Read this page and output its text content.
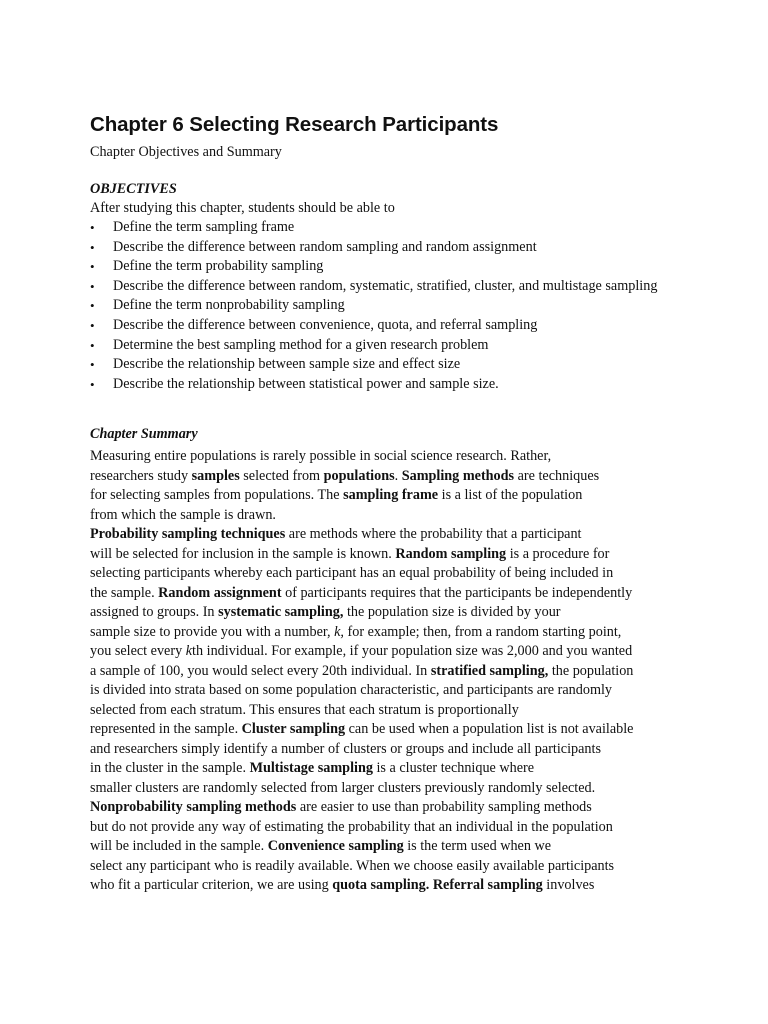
Chapter 6 Selecting Research Participants

Chapter Objectives and Summary

OBJECTIVES

After studying this chapter, students should be able to

• Define the term sampling frame
• Describe the difference between random sampling and random assignment
• Define the term probability sampling
• Describe the difference between random, systematic, stratified, cluster, and multistage sampling
• Define the term nonprobability sampling
• Describe the difference between convenience, quota, and referral sampling
• Determine the best sampling method for a given research problem
• Describe the relationship between sample size and effect size
• Describe the relationship between statistical power and sample size.

Chapter Summary

Measuring entire populations is rarely possible in social science research. Rather,
researchers study samples selected from populations. Sampling methods are techniques
for selecting samples from populations. The sampling frame is a list of the population
from which the sample is drawn.
Probability sampling techniques are methods where the probability that a participant
will be selected for inclusion in the sample is known. Random sampling is a procedure for
selecting participants whereby each participant has an equal probability of being included in
the sample. Random assignment of participants requires that the participants be independently
assigned to groups. In systematic sampling, the population size is divided by your
sample size to provide you with a number, k, for example; then, from a random starting point,
you select every kth individual. For example, if your population size was 2,000 and you wanted
a sample of 100, you would select every 20th individual. In stratified sampling, the population
is divided into strata based on some population characteristic, and participants are randomly
selected from each stratum. This ensures that each stratum is proportionally
represented in the sample. Cluster sampling can be used when a population list is not available
and researchers simply identify a number of clusters or groups and include all participants
in the cluster in the sample. Multistage sampling is a cluster technique where
smaller clusters are randomly selected from larger clusters previously randomly selected.
Nonprobability sampling methods are easier to use than probability sampling methods
but do not provide any way of estimating the probability that an individual in the population
will be included in the sample. Convenience sampling is the term used when we
select any participant who is readily available. When we choose easily available participants
who fit a particular criterion, we are using quota sampling. Referral sampling involves
